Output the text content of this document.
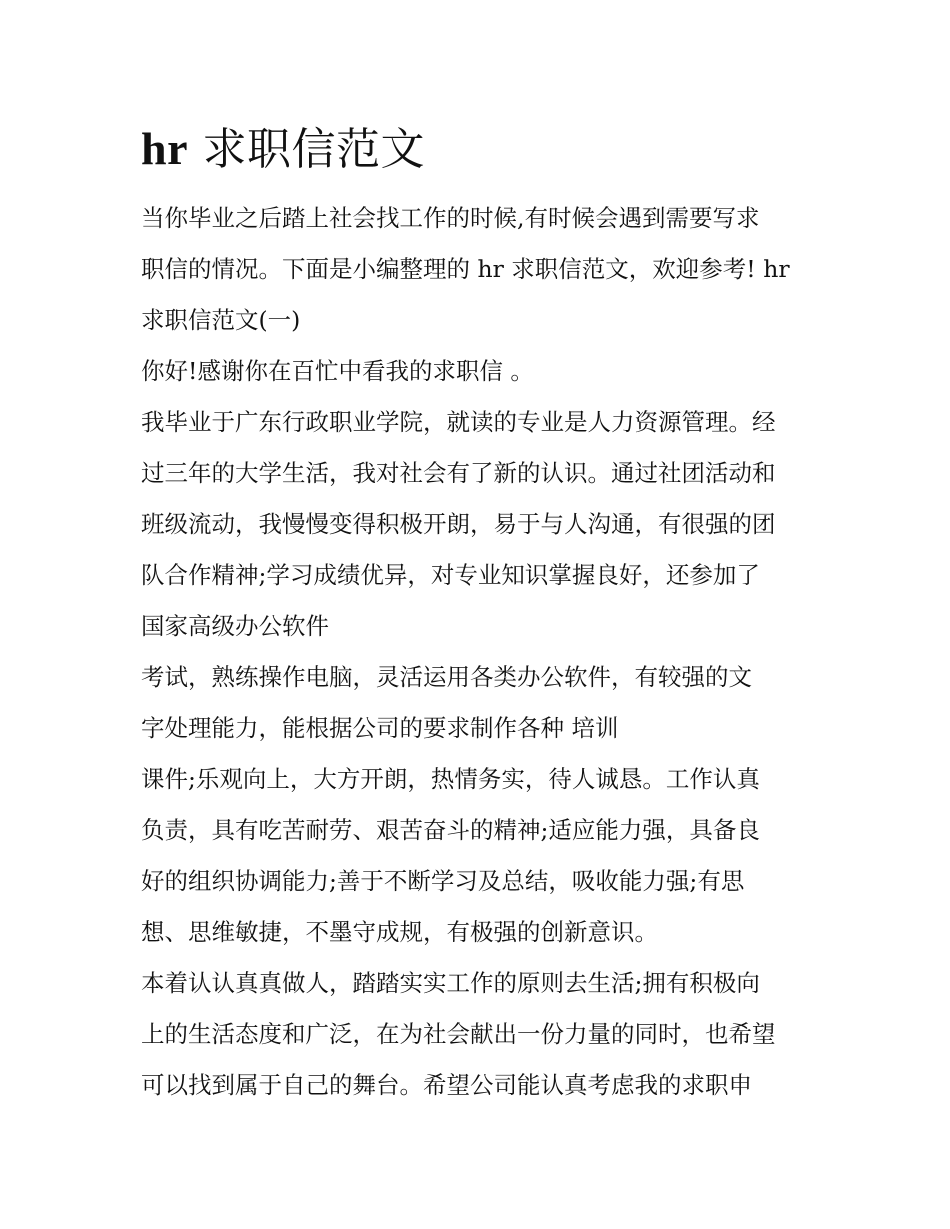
hr 求职信范文
当你毕业之后踏上社会找工作的时候,有时候会遇到需要写求
职信的情况。下面是小编整理的 hr 求职信范文，欢迎参考! hr
求职信范文(一)
你好!感谢你在百忙中看我的求职信 。
我毕业于广东行政职业学院，就读的专业是人力资源管理。经
过三年的大学生活，我对社会有了新的认识。通过社团活动和
班级流动，我慢慢变得积极开朗，易于与人沟通，有很强的团
队合作精神;学习成绩优异，对专业知识掌握良好，还参加了
国家高级办公软件
考试，熟练操作电脑，灵活运用各类办公软件，有较强的文
字处理能力，能根据公司的要求制作各种 培训
课件;乐观向上，大方开朗，热情务实，待人诚恳。工作认真
负责，具有吃苦耐劳、艰苦奋斗的精神;适应能力强，具备良
好的组织协调能力;善于不断学习及总结，吸收能力强;有思
想、思维敏捷，不墨守成规，有极强的创新意识。
本着认认真真做人，踏踏实实工作的原则去生活;拥有积极向
上的生活态度和广泛，在为社会献出一份力量的同时，也希望
可以找到属于自己的舞台。希望公司能认真考虑我的求职申
